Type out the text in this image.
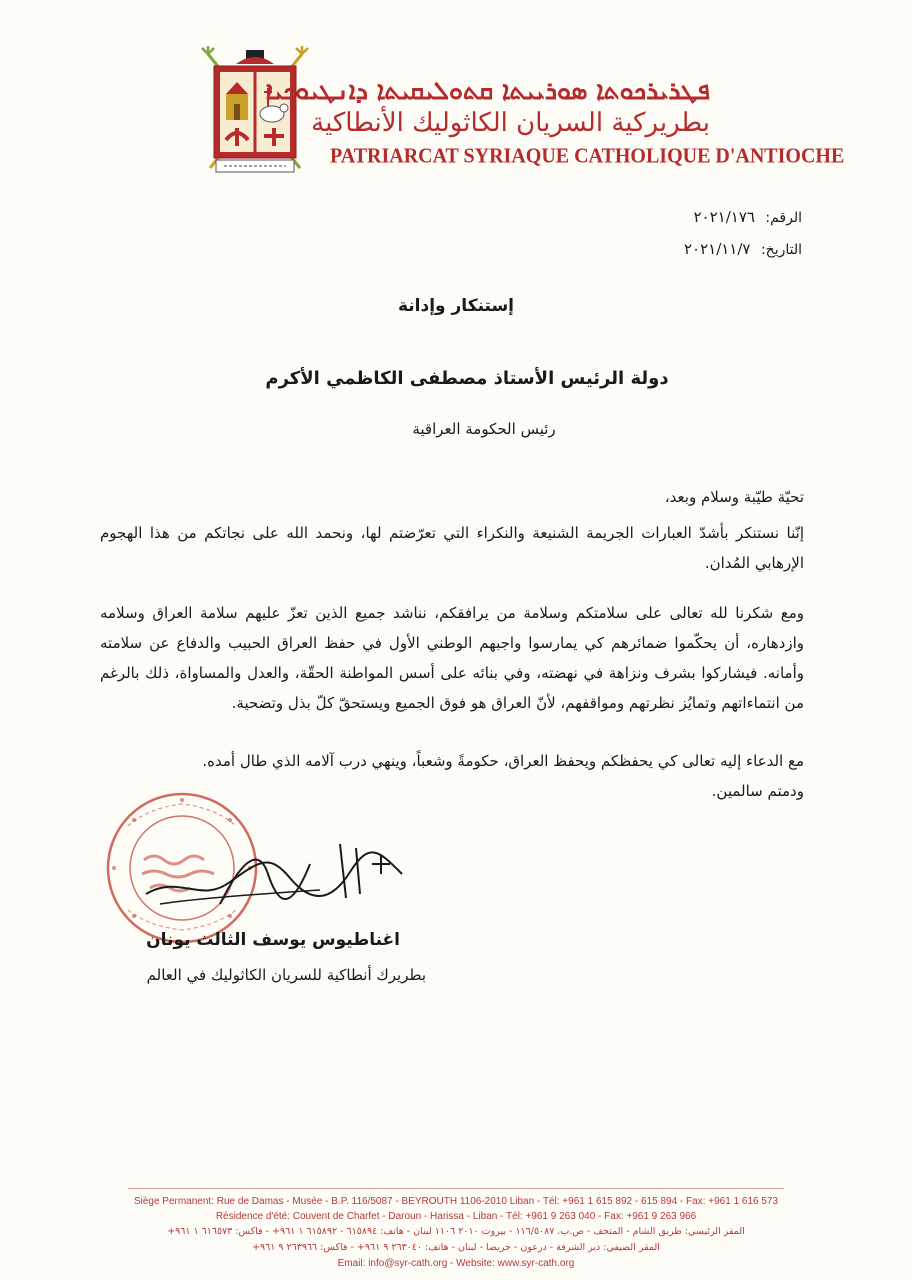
ܦܛܪܝܪܟܘܬܐ ܣܘܪܝܝܬܐ ܩܬܘܠܝܩܝܬܐ ܕܐܢܛܝܘܟܝܐ
بطريركية السريان الكاثوليك الأنطاكية
PATRIARCAT SYRIAQUE CATHOLIQUE D'ANTIOCHE
الرقم: ٢٠٢١/١٧٦
التاريخ: ٢٠٢١/١١/٧
إستنكار وإدانة
دولة الرئيس الأستاذ مصطفى الكاظمي الأكرم
رئيس الحكومة العراقية

تحيّة طيّبة وسلام وبعد،

إنّنا نستنكر بأشدّ العبارات الجريمة الشنيعة والنكراء التي تعرّضتم لها، ونحمد الله على نجاتكم من هذا الهجوم الإرهابي المُدان.

ومع شكرنا لله تعالى على سلامتكم وسلامة من يرافقكم، نناشد جميع الذين تعزّ عليهم سلامة العراق وسلامه وازدهاره، أن يحكّموا ضمائرهم كي يمارسوا واجبهم الوطني الأول في حفظ العراق الحبيب والدفاع عن سلامته وأمانه. فيشاركوا بشرف ونزاهة في نهضته، وفي بنائه على أسس المواطنة الحقّة، والعدل والمساواة، ذلك بالرغم من انتماءاتهم وتمايُز نظرتهم ومواقفهم، لأنّ العراق هو فوق الجميع ويستحقّ كلّ بذل وتضحية.

مع الدعاء إليه تعالى كي يحفظكم ويحفظ العراق، حكومةً وشعباً، وينهي درب آلامه الذي طال أمده.

ودمتم سالمين.

اغناطيوس يوسف الثالث يونان
بطريرك أنطاكية للسريان الكاثوليك في العالم
Siège Permanent: Rue de Damas - Musée - B.P. 116/5087 - BEYROUTH 1106-2010 Liban - Tél: +961 1 615 892 - 615 894 - Fax: +961 1 616 573
Résidence d'été: Couvent de Charfet - Daroun - Harissa - Liban - Tél: +961 9 263 040 - Fax: +961 9 263 966
المقر الرئيسي: طريق الشام - المتحف - ص.ب. ١١٦/٥٠٨٧ - بيروت ٢٠١٠ ١١٠٦ لبنان - هاتف: ٦١٥٨٩٤ - ٦١٥٨٩٢ ١ ٩٦١+ - فاكس: ٦١٦٥٧٣ ١ ٩٦١+
المقر الصيفي: دير الشرفة - درعون - حريصا - لبنان - هاتف: ٢٦٣٠٤٠ ٩ ٩٦١+ - فاكس: ٢٦٣٩٦٦ ٩ ٩٦١+
Email: info@syr-cath.org - Website: www.syr-cath.org
